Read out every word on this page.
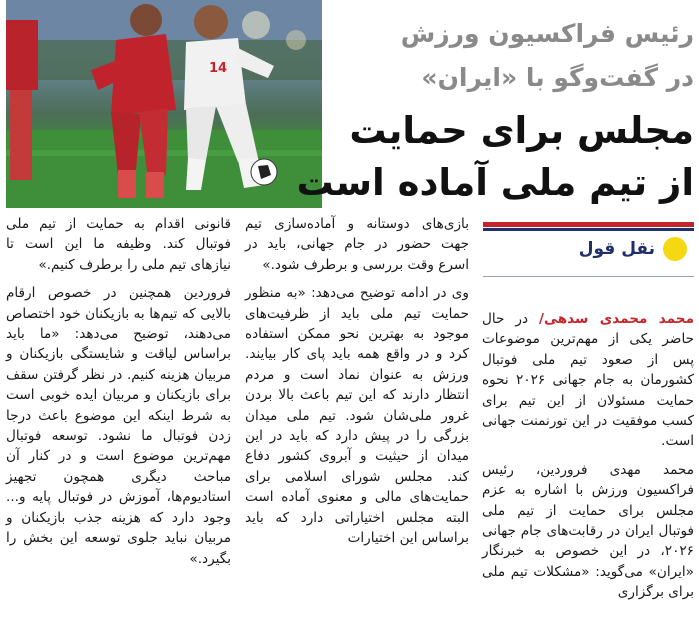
14
رئیس فراکسیون ورزش
در گفت‌وگو با «ایران»
مجلس برای حمایت
از تیم ملی آماده است
نقل قول

محمد محمدی سدهی/ در حال حاضر یکی از مهم‌ترین موضوعات پس از صعود تیم ملی فوتبال کشورمان به جام جهانی ۲۰۲۶ نحوه حمایت مسئولان از این تیم برای کسب موفقیت در این تورنمنت جهانی است.

محمد مهدی فروردین، رئیس فراکسیون ورزش با اشاره به عزم مجلس برای حمایت از تیم ملی فوتبال ایران در رقابت‌های جام جهانی ۲۰۲۶، در این خصوص به خبرنگار «ایران» می‌گوید: «مشکلات تیم ملی برای برگزاری

بازی‌های دوستانه و آماده‌سازی تیم جهت حضور در جام جهانی، باید در اسرع وقت بررسی و برطرف شود.»

وی در ادامه توضیح می‌دهد: «به منظور حمایت تیم ملی باید از ظرفیت‌های موجود به بهترین نحو ممکن استفاده کرد و در واقع همه باید پای کار بیایند. ورزش به عنوان نماد است و مردم انتظار دارند که این تیم باعث بالا بردن غرور ملی‌شان شود. تیم ملی میدان بزرگی را در پیش دارد که باید در این میدان از حیثیت و آبروی کشور دفاع کند. مجلس شورای اسلامی برای حمایت‌های مالی و معنوی آماده است البته مجلس اختیاراتی دارد که باید براساس این اختیارات

قانونی اقدام به حمایت از تیم ملی فوتبال کند. وظیفه ما این است تا نیازهای تیم ملی را برطرف کنیم.»

فروردین همچنین در خصوص ارقام بالایی که تیم‌ها به بازیکنان خود اختصاص می‌دهند، توضیح می‌دهد: «ما باید براساس لیاقت و شایستگی بازیکنان و مربیان هزینه کنیم. در نظر گرفتن سقف برای بازیکنان و مربیان ایده خوبی است به شرط اینکه این موضوع باعث درجا زدن فوتبال ما نشود. توسعه فوتبال مهم‌ترین موضوع است و در کنار آن مباحث دیگری همچون تجهیز استادیوم‌ها، آموزش در فوتبال پایه و... وجود دارد که هزینه جذب بازیکنان و مربیان نباید جلوی توسعه این بخش را بگیرد.»
